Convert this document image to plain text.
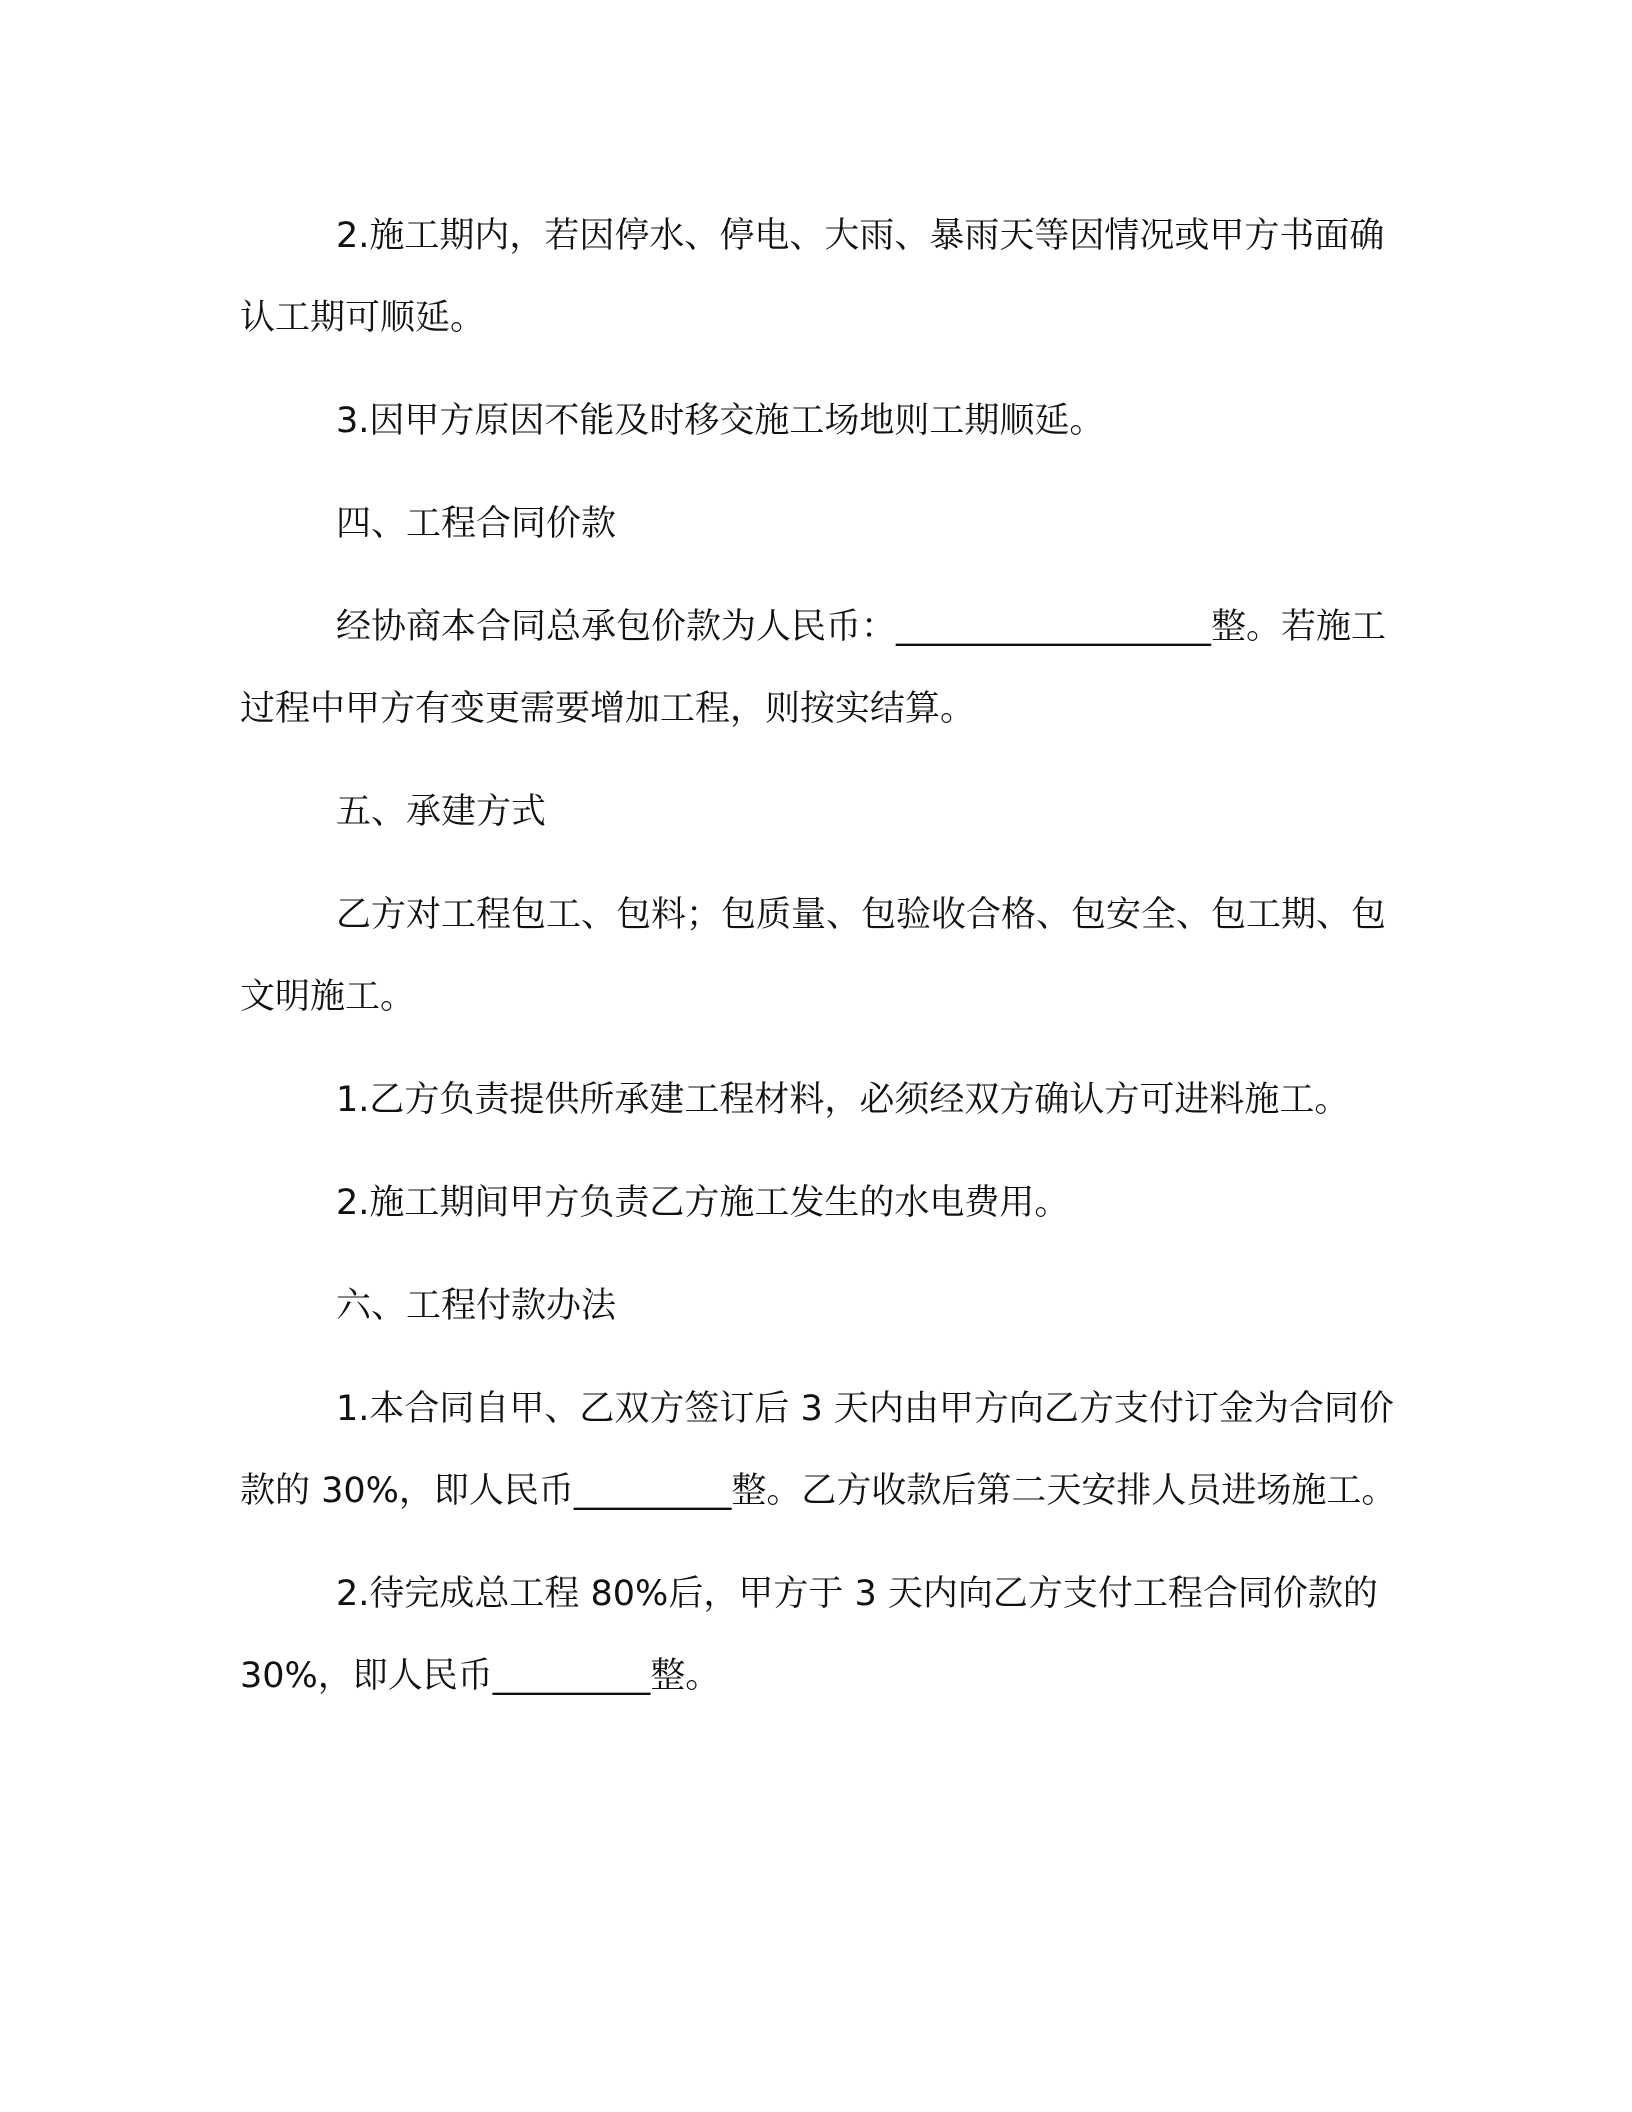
2.施工期内，若因停水、停电、大雨、暴雨天等因情况或甲方书面确认工期可顺延。

3.因甲方原因不能及时移交施工场地则工期顺延。

四、工程合同价款

经协商本合同总承包价款为人民币：__________________整。若施工过程中甲方有变更需要增加工程，则按实结算。

五、承建方式

乙方对工程包工、包料；包质量、包验收合格、包安全、包工期、包文明施工。

1.乙方负责提供所承建工程材料，必须经双方确认方可进料施工。

2.施工期间甲方负责乙方施工发生的水电费用。

六、工程付款办法

1.本合同自甲、乙双方签订后 3 天内由甲方向乙方支付订金为合同价款的 30%，即人民币_________整。乙方收款后第二天安排人员进场施工。

2.待完成总工程 80%后，甲方于 3 天内向乙方支付工程合同价款的 30%，即人民币_________整。
